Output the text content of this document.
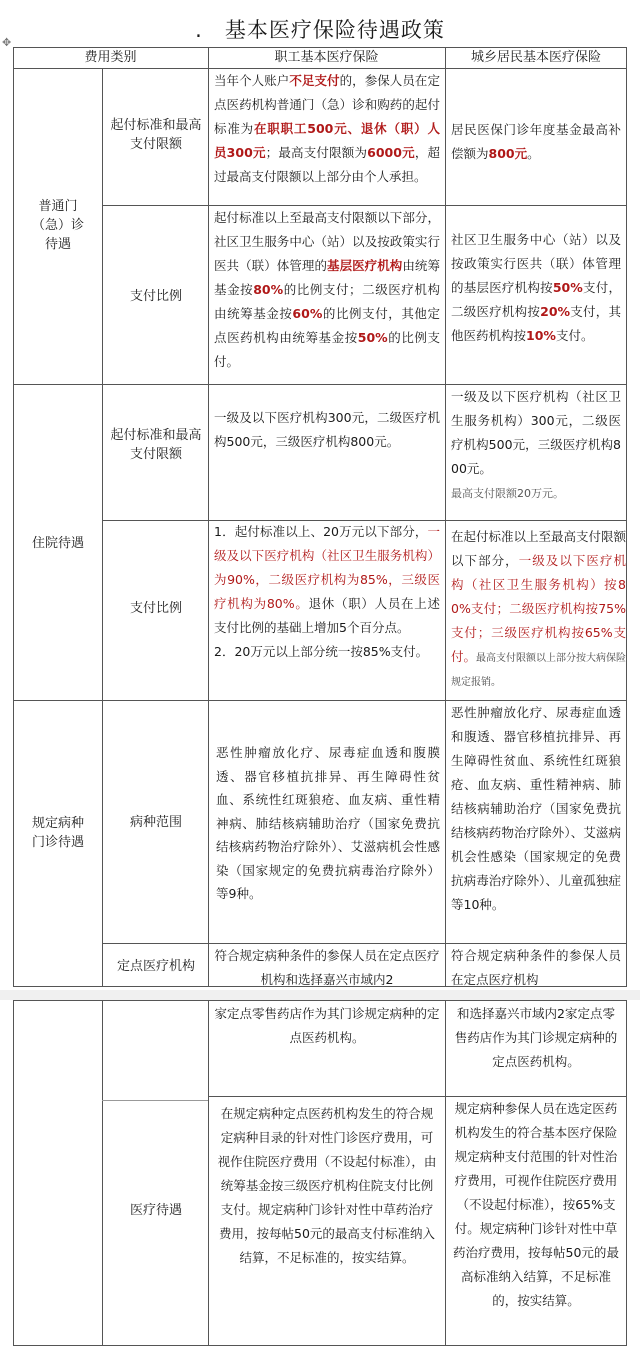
. 基本医疗保险待遇政策
✥
费用类别	职工基本医疗保险	城乡居民基本医疗保险
普通门（急）诊待遇
起付标准和最高支付限额
当年个人账户不足支付的，参保人员在定点医药机构普通门（急）诊和购药的起付标准为在职职工500元、退休（职）人员300元；最高支付限额为6000元，超过最高支付限额以上部分由个人承担。
居民医保门诊年度基金最高补偿额为800元。
支付比例
起付标准以上至最高支付限额以下部分，社区卫生服务中心（站）以及按政策实行医共（联）体管理的基层医疗机构由统筹基金按80%的比例支付；二级医疗机构由统筹基金按60%的比例支付，其他定点医药机构由统筹基金按50%的比例支付。
社区卫生服务中心（站）以及按政策实行医共（联）体管理的基层医疗机构按50%支付，二级医疗机构按20%支付，其他医药机构按10%支付。
住院待遇
起付标准和最高支付限额
一级及以下医疗机构300元，二级医疗机构500元，三级医疗机构800元。
一级及以下医疗机构（社区卫生服务机构）300元，二级医疗机构500元，三级医疗机构800元。
最高支付限额20万元。
支付比例
1．起付标准以上、20万元以下部分，一级及以下医疗机构（社区卫生服务机构）为90%，二级医疗机构为85%，三级医疗机构为80%。退休（职）人员在上述支付比例的基础上增加5个百分点。
2．20万元以上部分统一按85%支付。
在起付标准以上至最高支付限额以下部分，一级及以下医疗机构（社区卫生服务机构）按80%支付；二级医疗机构按75%支付；三级医疗机构按65%支付。最高支付限额以上部分按大病保险规定报销。
规定病种门诊待遇
病种范围
恶性肿瘤放化疗、尿毒症血透和腹膜透、器官移植抗排异、再生障碍性贫血、系统性红斑狼疮、血友病、重性精神病、肺结核病辅助治疗（国家免费抗结核病药物治疗除外）、艾滋病机会性感染（国家规定的免费抗病毒治疗除外）等9种。
恶性肿瘤放化疗、尿毒症血透和腹透、器官移植抗排异、再生障碍性贫血、系统性红斑狼疮、血友病、重性精神病、肺结核病辅助治疗（国家免费抗结核病药物治疗除外）、艾滋病机会性感染（国家规定的免费抗病毒治疗除外）、儿童孤独症等10种。
定点医疗机构
符合规定病种条件的参保人员在定点医疗机构和选择嘉兴市域内2
符合规定病种条件的参保人员在定点医疗机构
家定点零售药店作为其门诊规定病种的定点医药机构。
和选择嘉兴市域内2家定点零售药店作为其门诊规定病种的定点医药机构。
医疗待遇
在规定病种定点医药机构发生的符合规定病种目录的针对性门诊医疗费用，可视作住院医疗费用（不设起付标准），由统筹基金按三级医疗机构住院支付比例支付。规定病种门诊针对性中草药治疗费用，按每帖50元的最高支付标准纳入结算，不足标准的，按实结算。
规定病种参保人员在选定医药机构发生的符合基本医疗保险规定病种支付范围的针对性治疗费用，可视作住院医疗费用（不设起付标准），按65%支付。规定病种门诊针对性中草药治疗费用，按每帖50元的最高标准纳入结算，不足标准的，按实结算。
